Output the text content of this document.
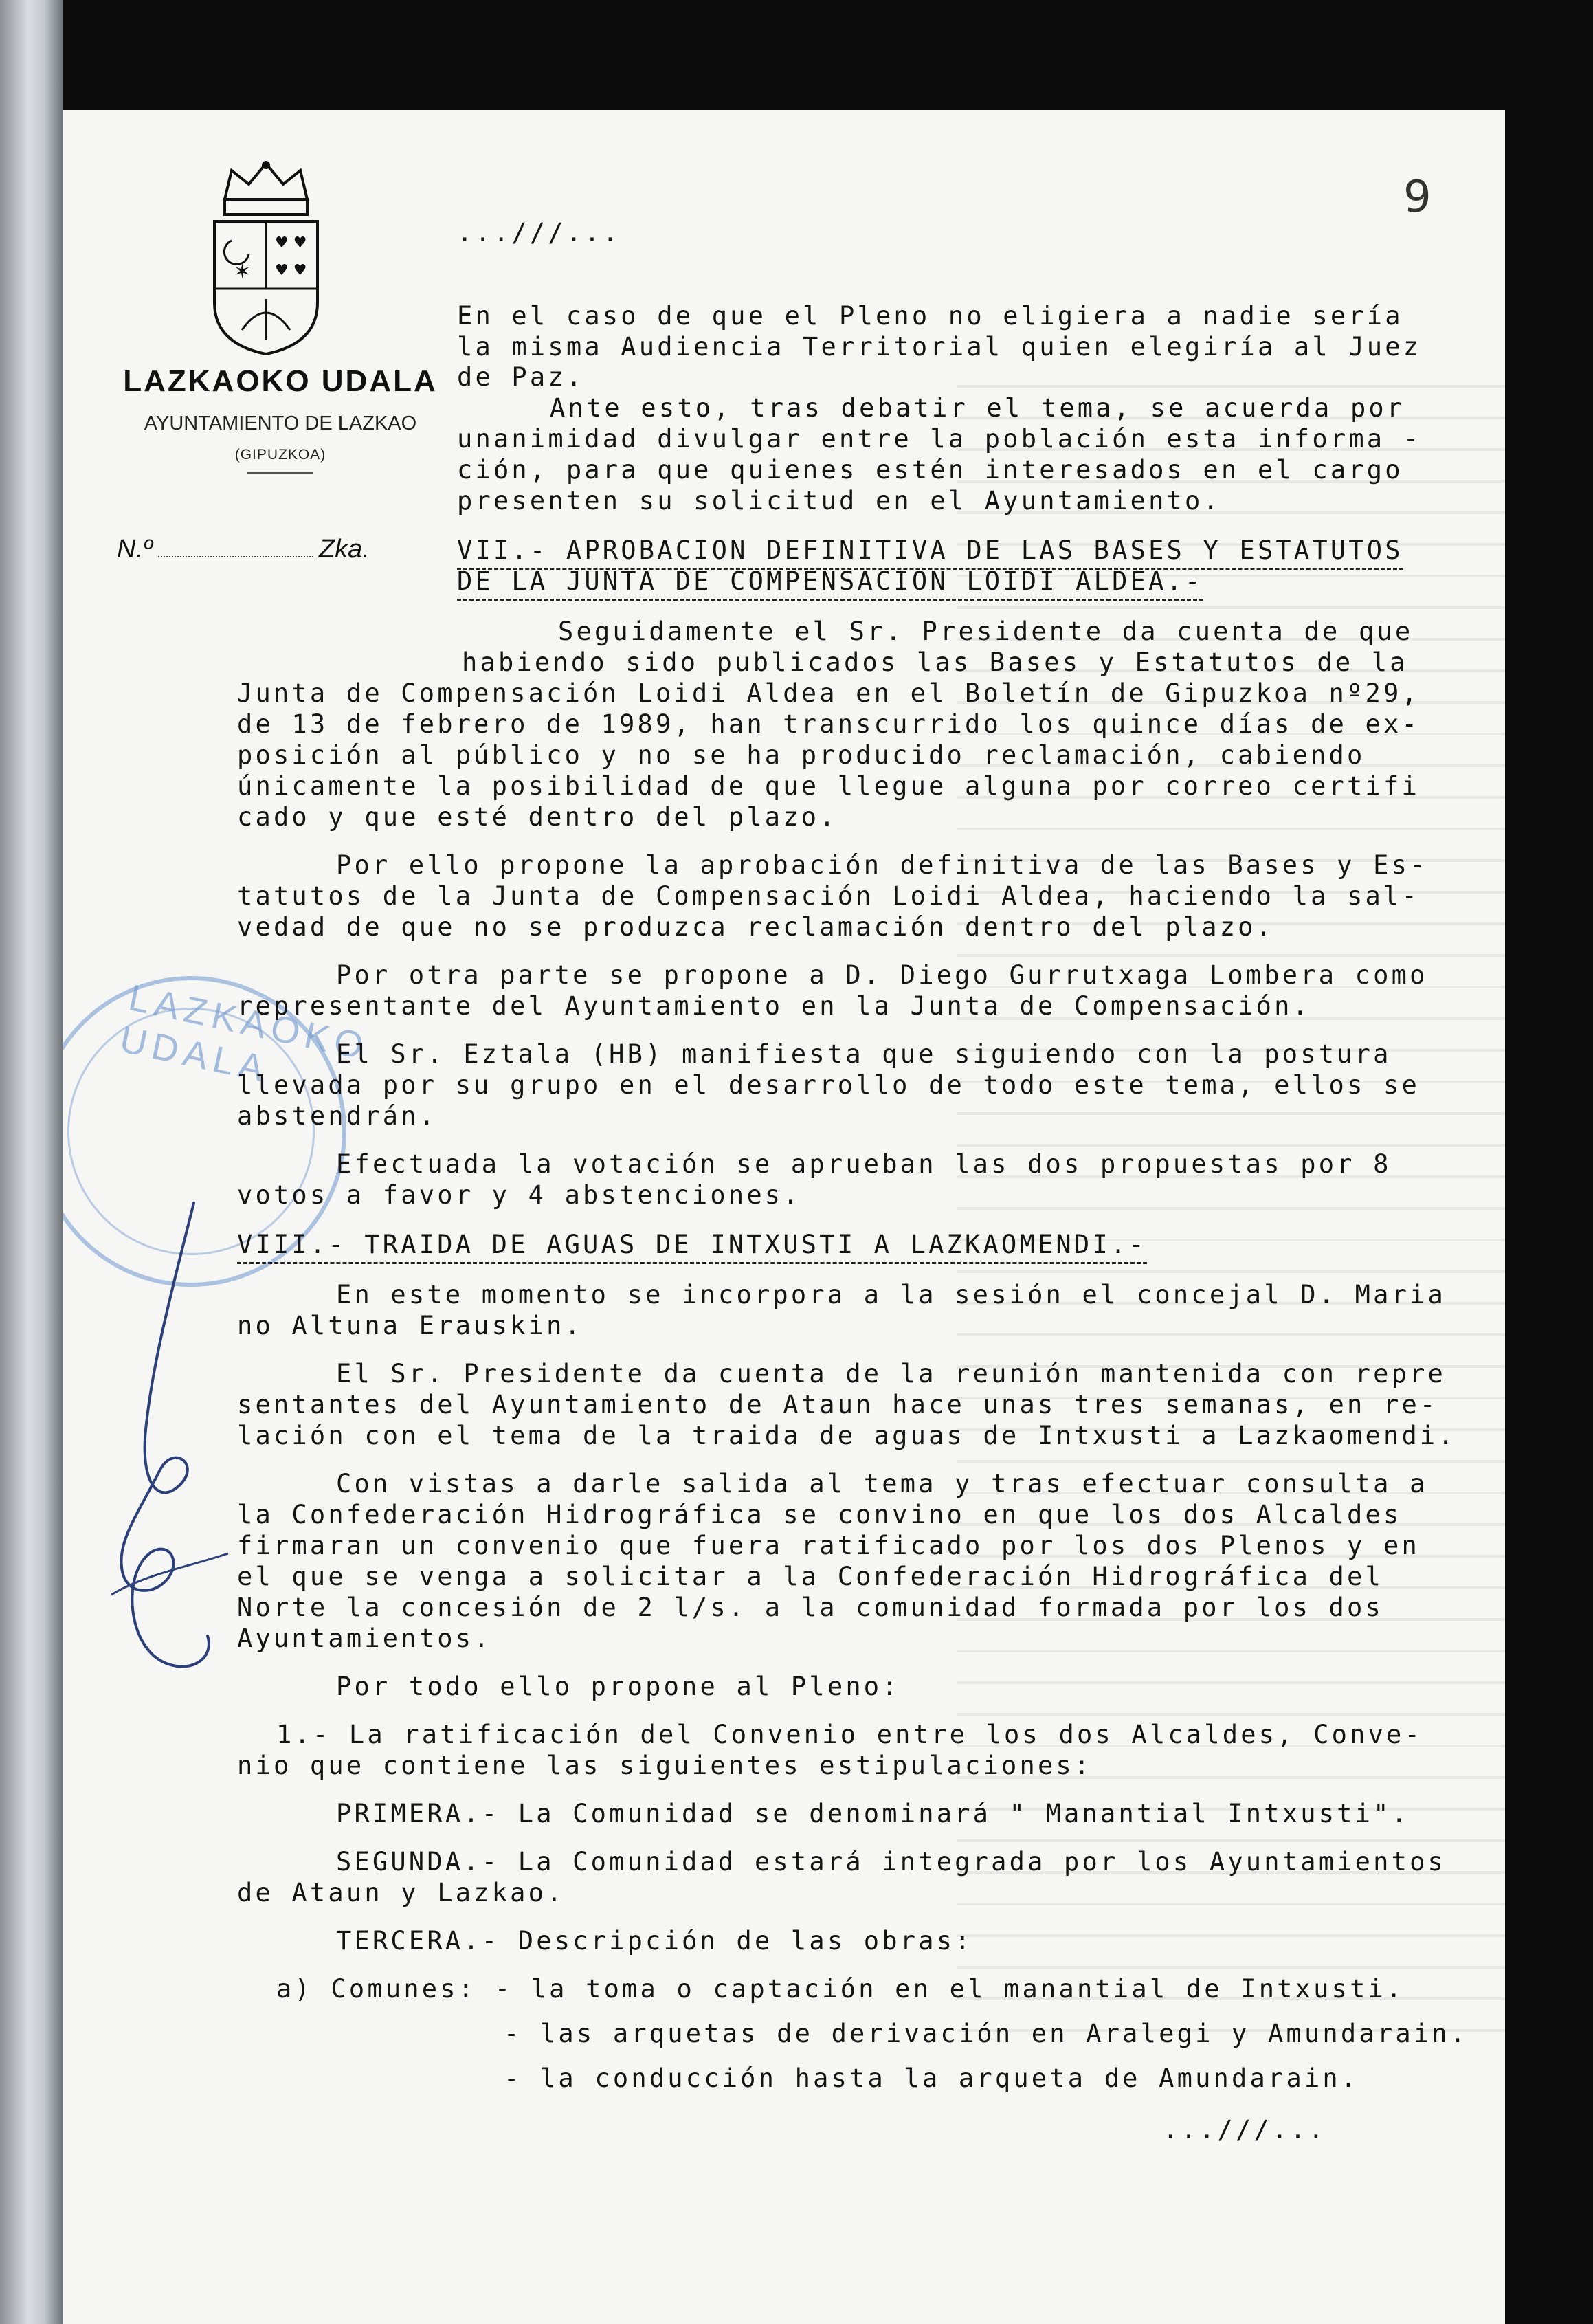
LAZKAOKO UDALA
9
✶
♥ ♥
♥ ♥
LAZKAOKO UDALA
AYUNTAMIENTO DE LAZKAO
(GIPUZKOA)
N.º	Zka.
...///...
En el caso de que el Pleno no eligiera a nadie sería
la misma Audiencia Territorial quien elegiría al Juez
de Paz.
Ante esto, tras debatir el tema, se acuerda por
unanimidad divulgar entre la población esta informa -
ción, para que quienes estén interesados en el cargo
presenten su solicitud en el Ayuntamiento.
VII.- APROBACION DEFINITIVA DE LAS BASES Y ESTATUTOS
DE LA JUNTA DE COMPENSACION LOIDI ALDEA.-
Seguidamente el Sr. Presidente da cuenta de que
habiendo sido publicados las Bases y Estatutos de la
Junta de Compensación Loidi Aldea en el Boletín de Gipuzkoa nº29,
de 13 de febrero de 1989, han transcurrido los quince días de ex-
posición al público y no se ha producido reclamación, cabiendo
únicamente la posibilidad de que llegue alguna por correo certifi
cado y que esté dentro del plazo.
Por ello propone la aprobación definitiva de las Bases y Es-
tatutos de la Junta de Compensación Loidi Aldea, haciendo la sal-
vedad de que no se produzca reclamación dentro del plazo.
Por otra parte se propone a D. Diego Gurrutxaga Lombera como
representante del Ayuntamiento en la Junta de Compensación.
El Sr. Eztala (HB) manifiesta que siguiendo con la postura
llevada por su grupo en el desarrollo de todo este tema, ellos se
abstendrán.
Efectuada la votación se aprueban las dos propuestas por 8
votos a favor y 4 abstenciones.
VIII.- TRAIDA DE AGUAS DE INTXUSTI A LAZKAOMENDI.-
En este momento se incorpora a la sesión el concejal D. Maria
no Altuna Erauskin.
El Sr. Presidente da cuenta de la reunión mantenida con repre
sentantes del Ayuntamiento de Ataun hace unas tres semanas, en re-
lación con el tema de la traida de aguas de Intxusti a Lazkaomendi.
Con vistas a darle salida al tema y tras efectuar consulta a
la Confederación Hidrográfica se convino en que los dos Alcaldes
firmaran un convenio que fuera ratificado por los dos Plenos y en
el que se venga a solicitar a la Confederación Hidrográfica del
Norte la concesión de 2 l/s. a la comunidad formada por los dos
Ayuntamientos.
Por todo ello propone al Pleno:
1.- La ratificación del Convenio entre los dos Alcaldes, Conve-
nio que contiene las siguientes estipulaciones:
PRIMERA.- La Comunidad se denominará " Manantial Intxusti".
SEGUNDA.- La Comunidad estará integrada por los Ayuntamientos
de Ataun y Lazkao.
TERCERA.- Descripción de las obras:
a) Comunes: - la toma o captación en el manantial de Intxusti.
- las arquetas de derivación en Aralegi y Amundarain.
- la conducción hasta la arqueta de Amundarain.
...///...
